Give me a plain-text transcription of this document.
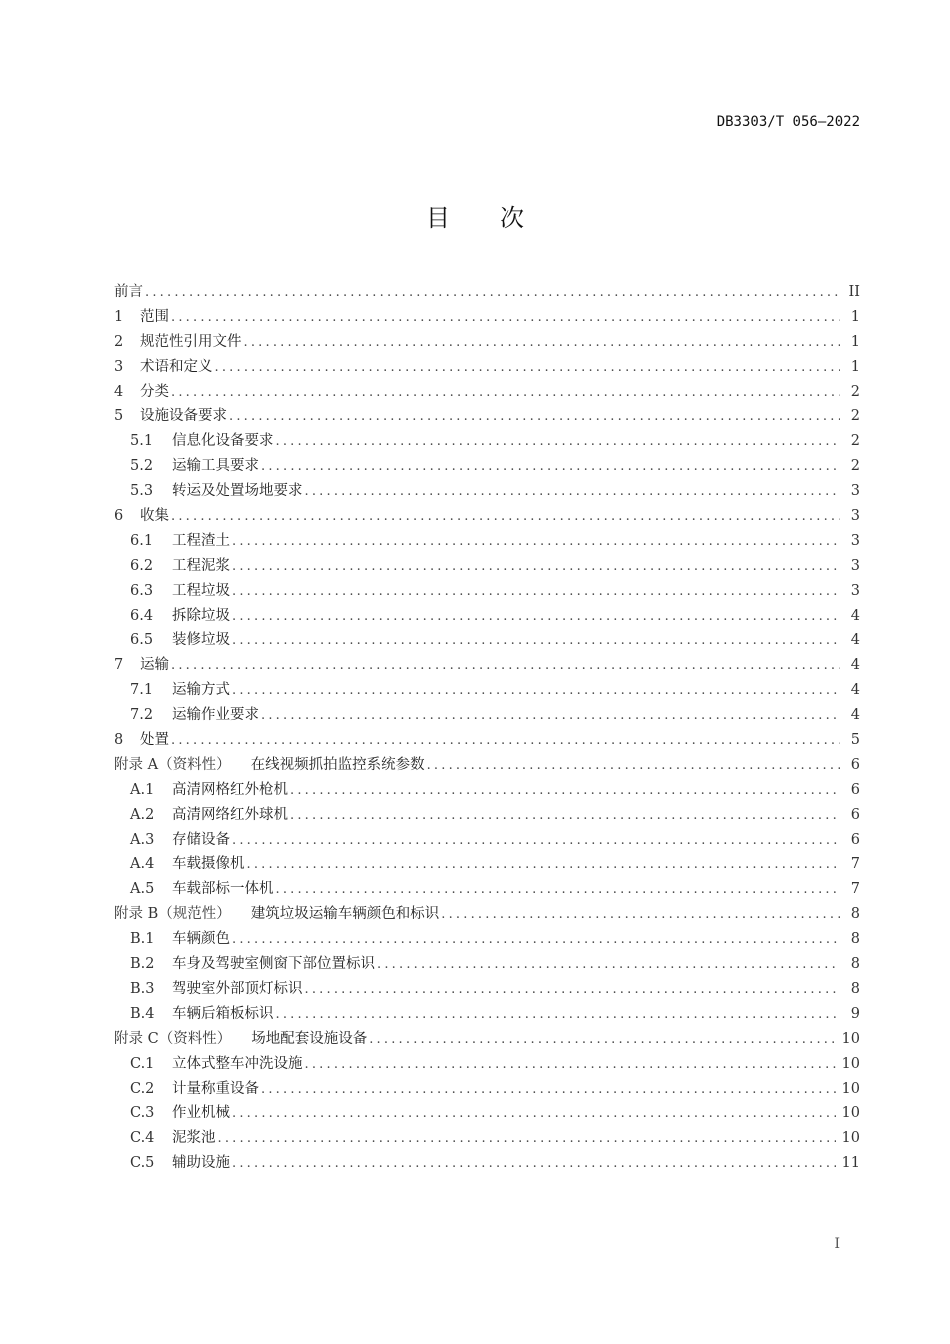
DB3303/T 056—2022
目 次
前言 .....	II
1	范围 .....	1
2	规范性引用文件 .....	1
3	术语和定义 .....	1
4	分类 .....	2
5	设施设备要求 .....	2
5.1	信息化设备要求 .....	2
5.2	运输工具要求 .....	2
5.3	转运及处置场地要求 .....	3
6	收集 .....	3
6.1	工程渣土 .....	3
6.2	工程泥浆 .....	3
6.3	工程垃圾 .....	3
6.4	拆除垃圾 .....	4
6.5	装修垃圾 .....	4
7	运输 .....	4
7.1	运输方式 .....	4
7.2	运输作业要求 .....	4
8	处置 .....	5
附录 A（资料性） 在线视频抓拍监控系统参数 .....	6
A.1	高清网格红外枪机 .....	6
A.2	高清网络红外球机 .....	6
A.3	存储设备 .....	6
A.4	车载摄像机 .....	7
A.5	车载部标一体机 .....	7
附录 B（规范性） 建筑垃圾运输车辆颜色和标识 .....	8
B.1	车辆颜色 .....	8
B.2	车身及驾驶室侧窗下部位置标识 .....	8
B.3	驾驶室外部顶灯标识 .....	8
B.4	车辆后箱板标识 .....	9
附录 C（资料性） 场地配套设施设备 .....	10
C.1	立体式整车冲洗设施 .....	10
C.2	计量称重设备 .....	10
C.3	作业机械 .....	10
C.4	泥浆池 .....	10
C.5	辅助设施 .....	11
I
